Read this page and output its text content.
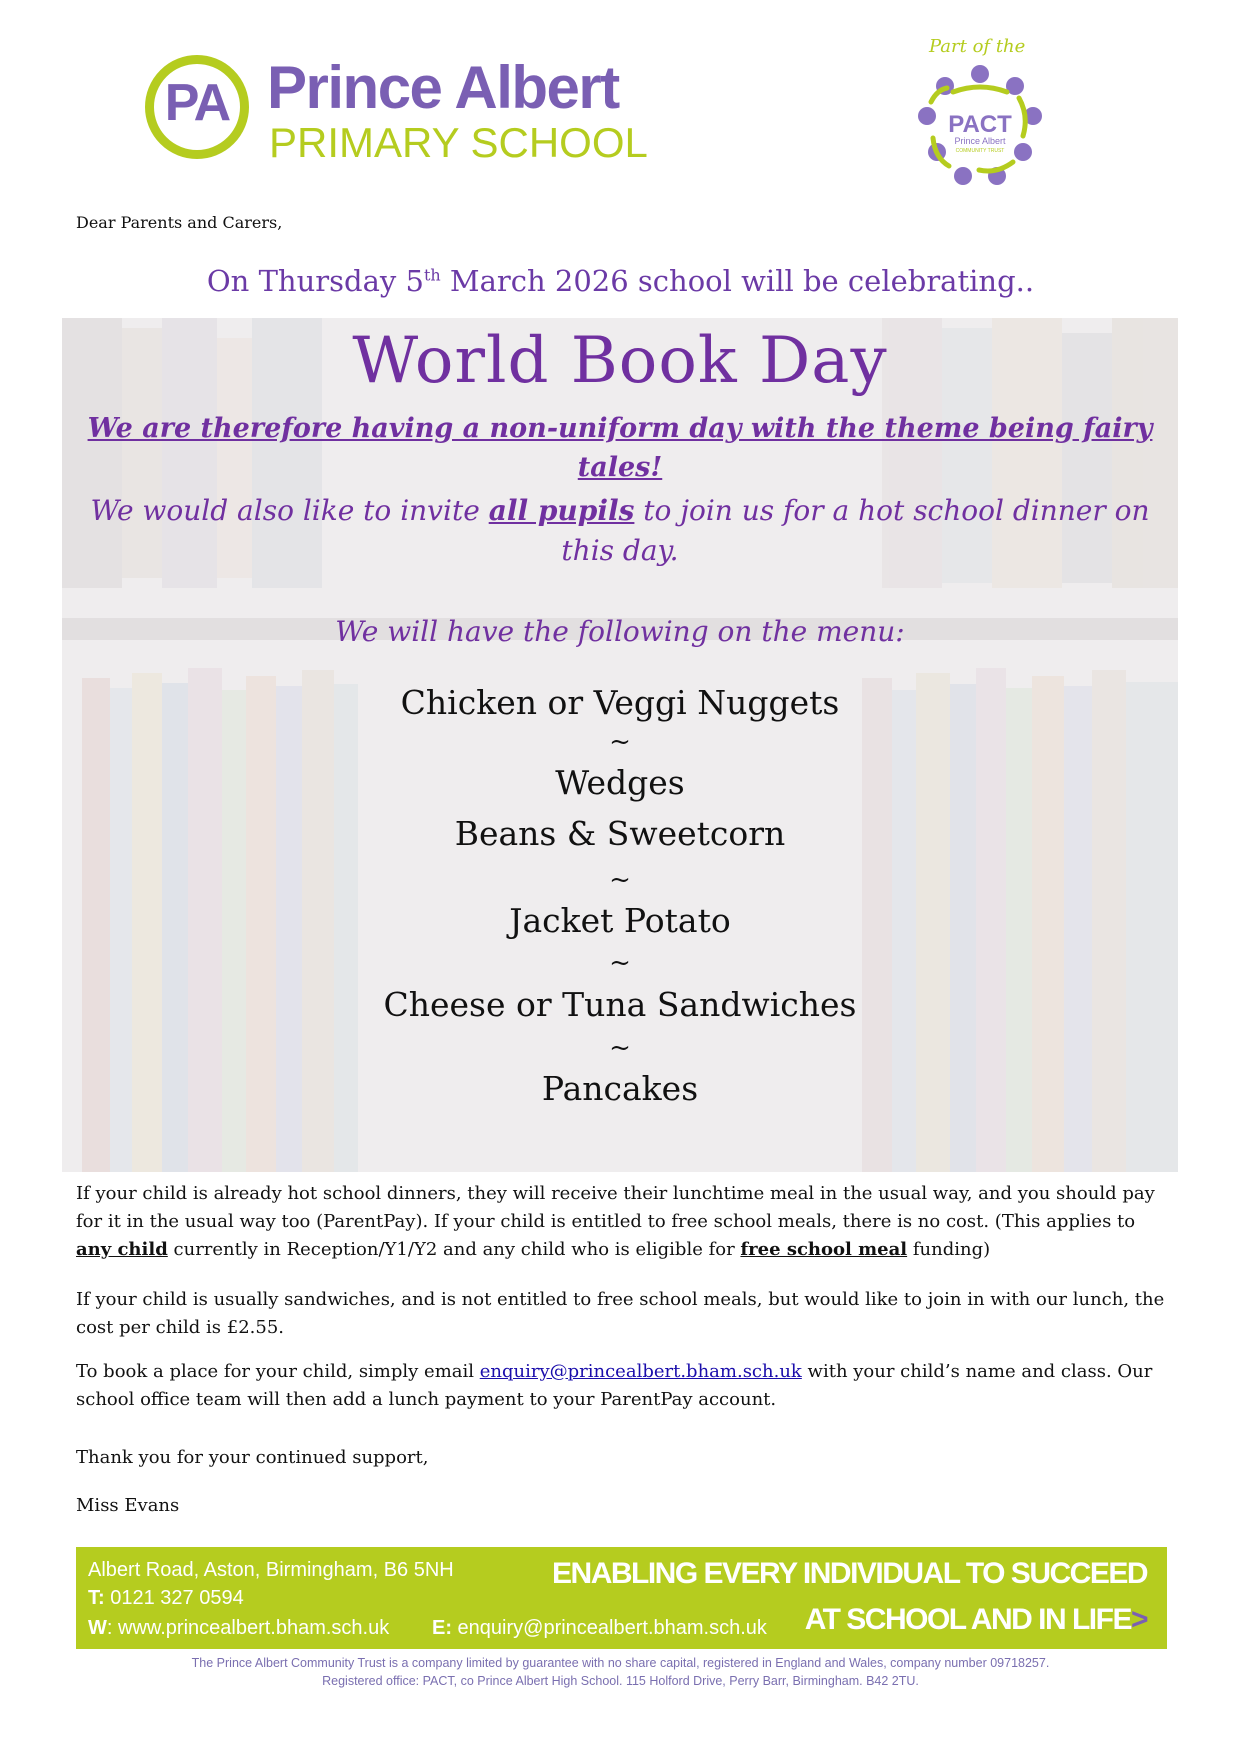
PA Prince Albert
PRIMARY SCHOOL
Part of the
PACT
Prince Albert
COMMUNITY TRUST
Dear Parents and Carers,
On Thursday 5th March 2026 school will be celebrating..
World Book Day
We are therefore having a non-uniform day with the theme being fairy tales!
We would also like to invite all pupils to join us for a hot school dinner on this day.
We will have the following on the menu:
Chicken or Veggi Nuggets
~
Wedges
Beans & Sweetcorn
~
Jacket Potato
~
Cheese or Tuna Sandwiches
~
Pancakes
If your child is already hot school dinners, they will receive their lunchtime meal in the usual way, and you should pay for it in the usual way too (ParentPay). If your child is entitled to free school meals, there is no cost. (This applies to any child currently in Reception/Y1/Y2 and any child who is eligible for free school meal funding)
If your child is usually sandwiches, and is not entitled to free school meals, but would like to join in with our lunch, the cost per child is £2.55.
To book a place for your child, simply email enquiry@princealbert.bham.sch.uk with your child’s name and class. Our school office team will then add a lunch payment to your ParentPay account.
Thank you for your continued support,
Miss Evans
Albert Road, Aston, Birmingham, B6 5NH
T: 0121 327 0594
W: www.princealbert.bham.sch.uk E: enquiry@princealbert.bham.sch.uk
ENABLING EVERY INDIVIDUAL TO SUCCEED
AT SCHOOL AND IN LIFE>
The Prince Albert Community Trust is a company limited by guarantee with no share capital, registered in England and Wales, company number 09718257.
Registered office: PACT, co Prince Albert High School. 115 Holford Drive, Perry Barr, Birmingham. B42 2TU.
